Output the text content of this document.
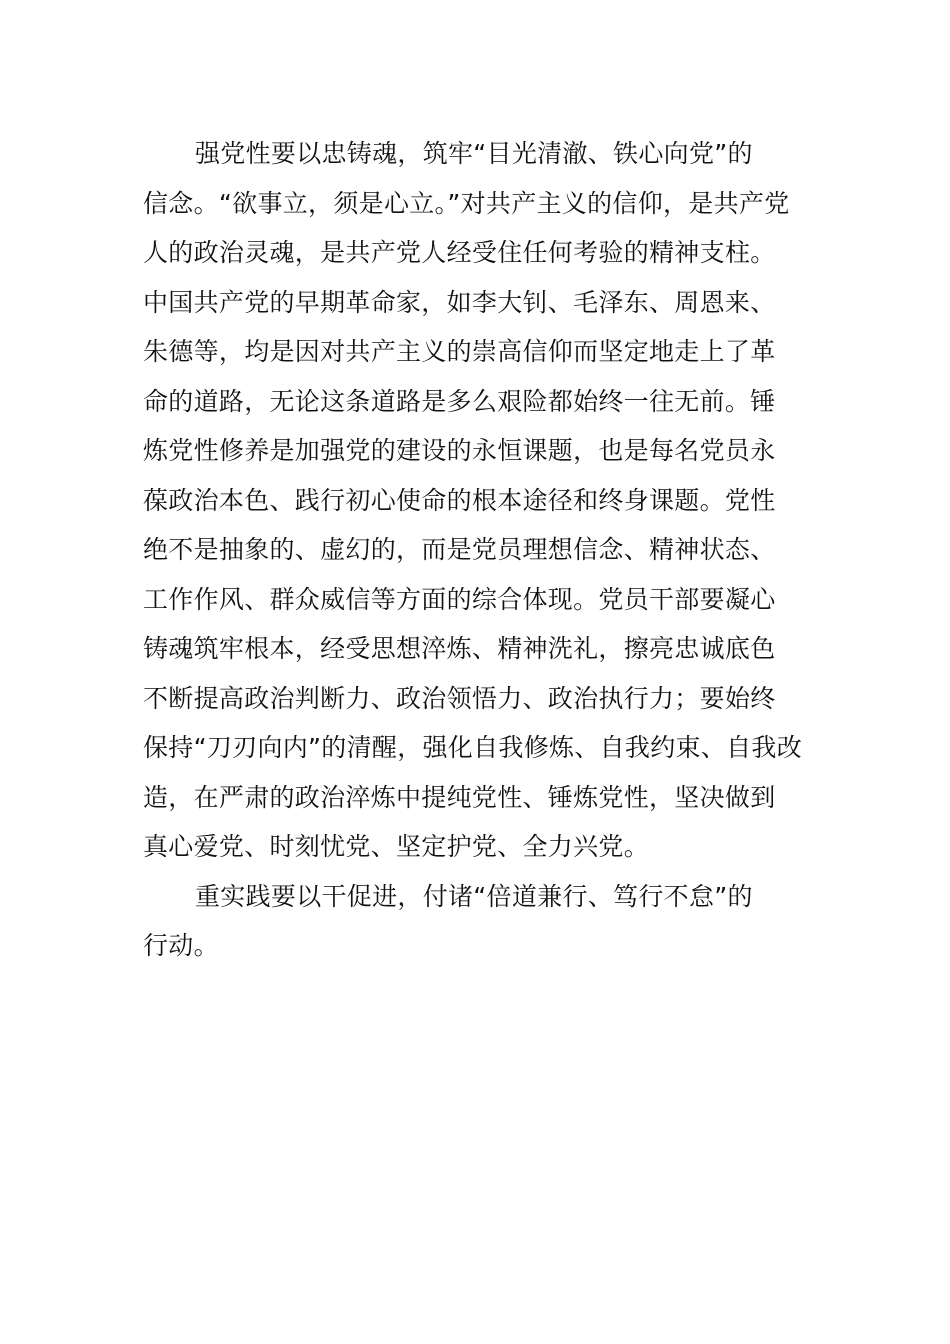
强党性要以忠铸魂，筑牢“目光清澈、铁心向党”的
信念。“欲事立，须是心立。”对共产主义的信仰，是共产党
人的政治灵魂，是共产党人经受住任何考验的精神支柱。
中国共产党的早期革命家，如李大钊、毛泽东、周恩来、
朱德等，均是因对共产主义的崇高信仰而坚定地走上了革
命的道路，无论这条道路是多么艰险都始终一往无前。锤
炼党性修养是加强党的建设的永恒课题，也是每名党员永
葆政治本色、践行初心使命的根本途径和终身课题。党性
绝不是抽象的、虚幻的，而是党员理想信念、精神状态、
工作作风、群众威信等方面的综合体现。党员干部要凝心
铸魂筑牢根本，经受思想淬炼、精神洗礼，擦亮忠诚底色
不断提高政治判断力、政治领悟力、政治执行力；要始终
保持“刀刃向内”的清醒，强化自我修炼、自我约束、自我改
造，在严肃的政治淬炼中提纯党性、锤炼党性，坚决做到
真心爱党、时刻忧党、坚定护党、全力兴党。
重实践要以干促进，付诸“倍道兼行、笃行不怠”的
行动。
